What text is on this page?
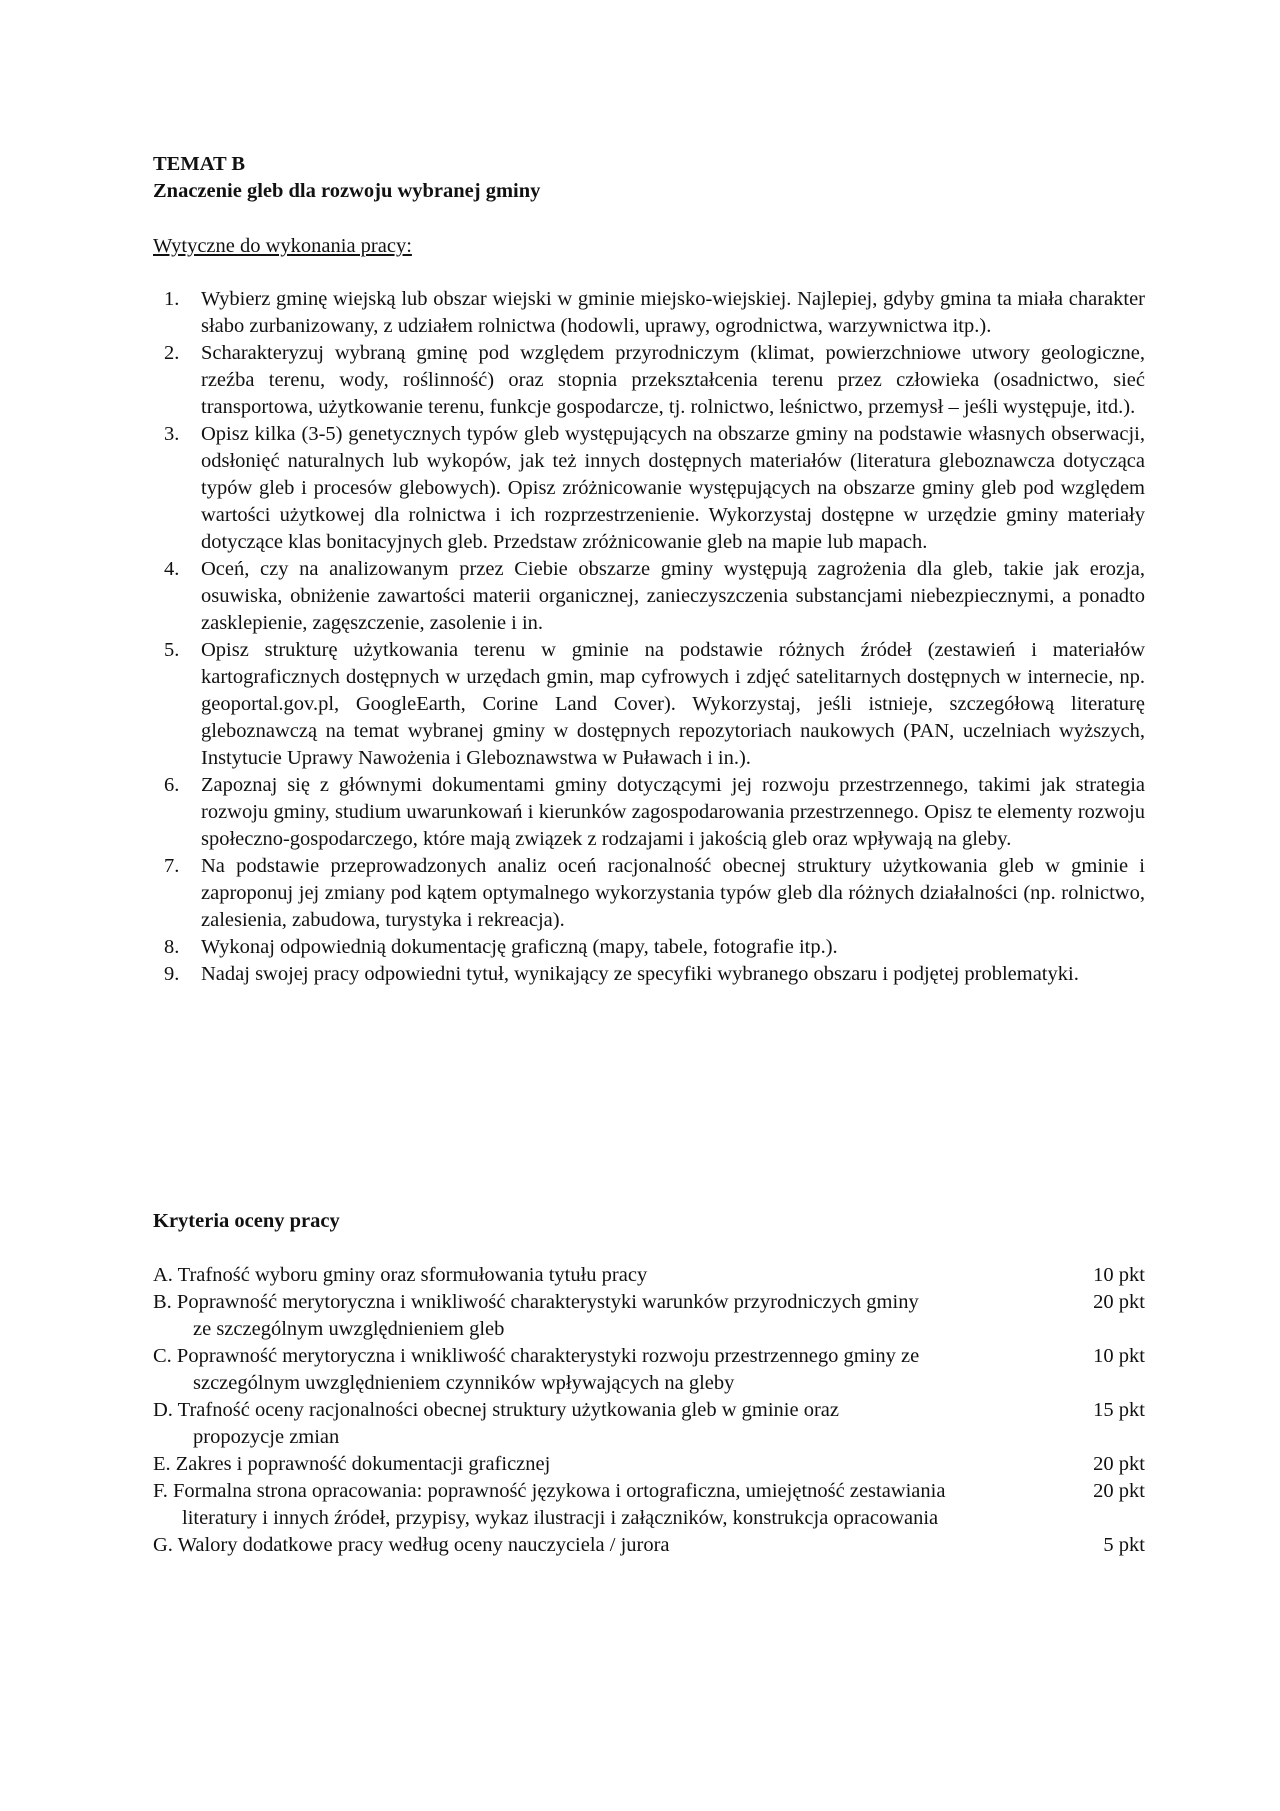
TEMAT B

Znaczenie gleb dla rozwoju wybranej gminy

Wytyczne do wykonania pracy:

1.	Wybierz gminę wiejską lub obszar wiejski w gminie miejsko-wiejskiej. Najlepiej, gdyby gmina ta miała charakter słabo zurbanizowany, z udziałem rolnictwa (hodowli, uprawy, ogrodnictwa, warzywnictwa itp.).
2.	Scharakteryzuj wybraną gminę pod względem przyrodniczym (klimat, powierzchniowe utwory geologiczne, rzeźba terenu, wody, roślinność) oraz stopnia przekształcenia terenu przez człowieka (osadnictwo, sieć transportowa, użytkowanie terenu, funkcje gospodarcze, tj. rolnictwo, leśnictwo, przemysł – jeśli występuje, itd.).
3.	Opisz kilka (3-5) genetycznych typów gleb występujących na obszarze gminy na podstawie własnych obserwacji, odsłonięć naturalnych lub wykopów, jak też innych dostępnych materiałów (literatura gleboznawcza dotycząca typów gleb i procesów glebowych). Opisz zróżnicowanie występujących na obszarze gminy gleb pod względem wartości użytkowej dla rolnictwa i ich rozprzestrzenienie. Wykorzystaj dostępne w urzędzie gminy materiały dotyczące klas bonitacyjnych gleb. Przedstaw zróżnicowanie gleb na mapie lub mapach.
4.	Oceń, czy na analizowanym przez Ciebie obszarze gminy występują zagrożenia dla gleb, takie jak erozja, osuwiska, obniżenie zawartości materii organicznej, zanieczyszczenia substancjami niebezpiecznymi, a ponadto zasklepienie, zagęszczenie, zasolenie i in.
5.	Opisz strukturę użytkowania terenu w gminie na podstawie różnych źródeł (zestawień i materiałów kartograficznych dostępnych w urzędach gmin, map cyfrowych i zdjęć satelitarnych dostępnych w internecie, np. geoportal.gov.pl, GoogleEarth, Corine Land Cover). Wykorzystaj, jeśli istnieje, szczegółową literaturę gleboznawczą na temat wybranej gminy w dostępnych repozytoriach naukowych (PAN, uczelniach wyższych, Instytucie Uprawy Nawożenia i Gleboznawstwa w Puławach i in.).
6.	Zapoznaj się z głównymi dokumentami gminy dotyczącymi jej rozwoju przestrzennego, takimi jak strategia rozwoju gminy, studium uwarunkowań i kierunków zagospodarowania przestrzennego. Opisz te elementy rozwoju społeczno-gospodarczego, które mają związek z rodzajami i jakością gleb oraz wpływają na gleby.
7.	Na podstawie przeprowadzonych analiz oceń racjonalność obecnej struktury użytkowania gleb w gminie i zaproponuj jej zmiany pod kątem optymalnego wykorzystania typów gleb dla różnych działalności (np. rolnictwo, zalesienia, zabudowa, turystyka i rekreacja).
8.	Wykonaj odpowiednią dokumentację graficzną (mapy, tabele, fotografie itp.).
9.	Nadaj swojej pracy odpowiedni tytuł, wynikający ze specyfiki wybranego obszaru i podjętej problematyki.

Kryteria oceny pracy

A. Trafność wyboru gminy oraz sformułowania tytułu pracy	10 pkt
B. Poprawność merytoryczna i wnikliwość charakterystyki warunków przyrodniczych gminy
ze szczególnym uwzględnieniem gleb
20 pkt
C. Poprawność merytoryczna i wnikliwość charakterystyki rozwoju przestrzennego gminy ze
szczególnym uwzględnieniem czynników wpływających na gleby
10 pkt
D. Trafność oceny racjonalności obecnej struktury użytkowania gleb w gminie oraz
propozycje zmian
15 pkt
E. Zakres i poprawność dokumentacji graficznej	20 pkt
F. Formalna strona opracowania: poprawność językowa i ortograficzna, umiejętność zestawiania
literatury i innych źródeł, przypisy, wykaz ilustracji i załączników, konstrukcja opracowania
20 pkt
G. Walory dodatkowe pracy według oceny nauczyciela / jurora	5 pkt
